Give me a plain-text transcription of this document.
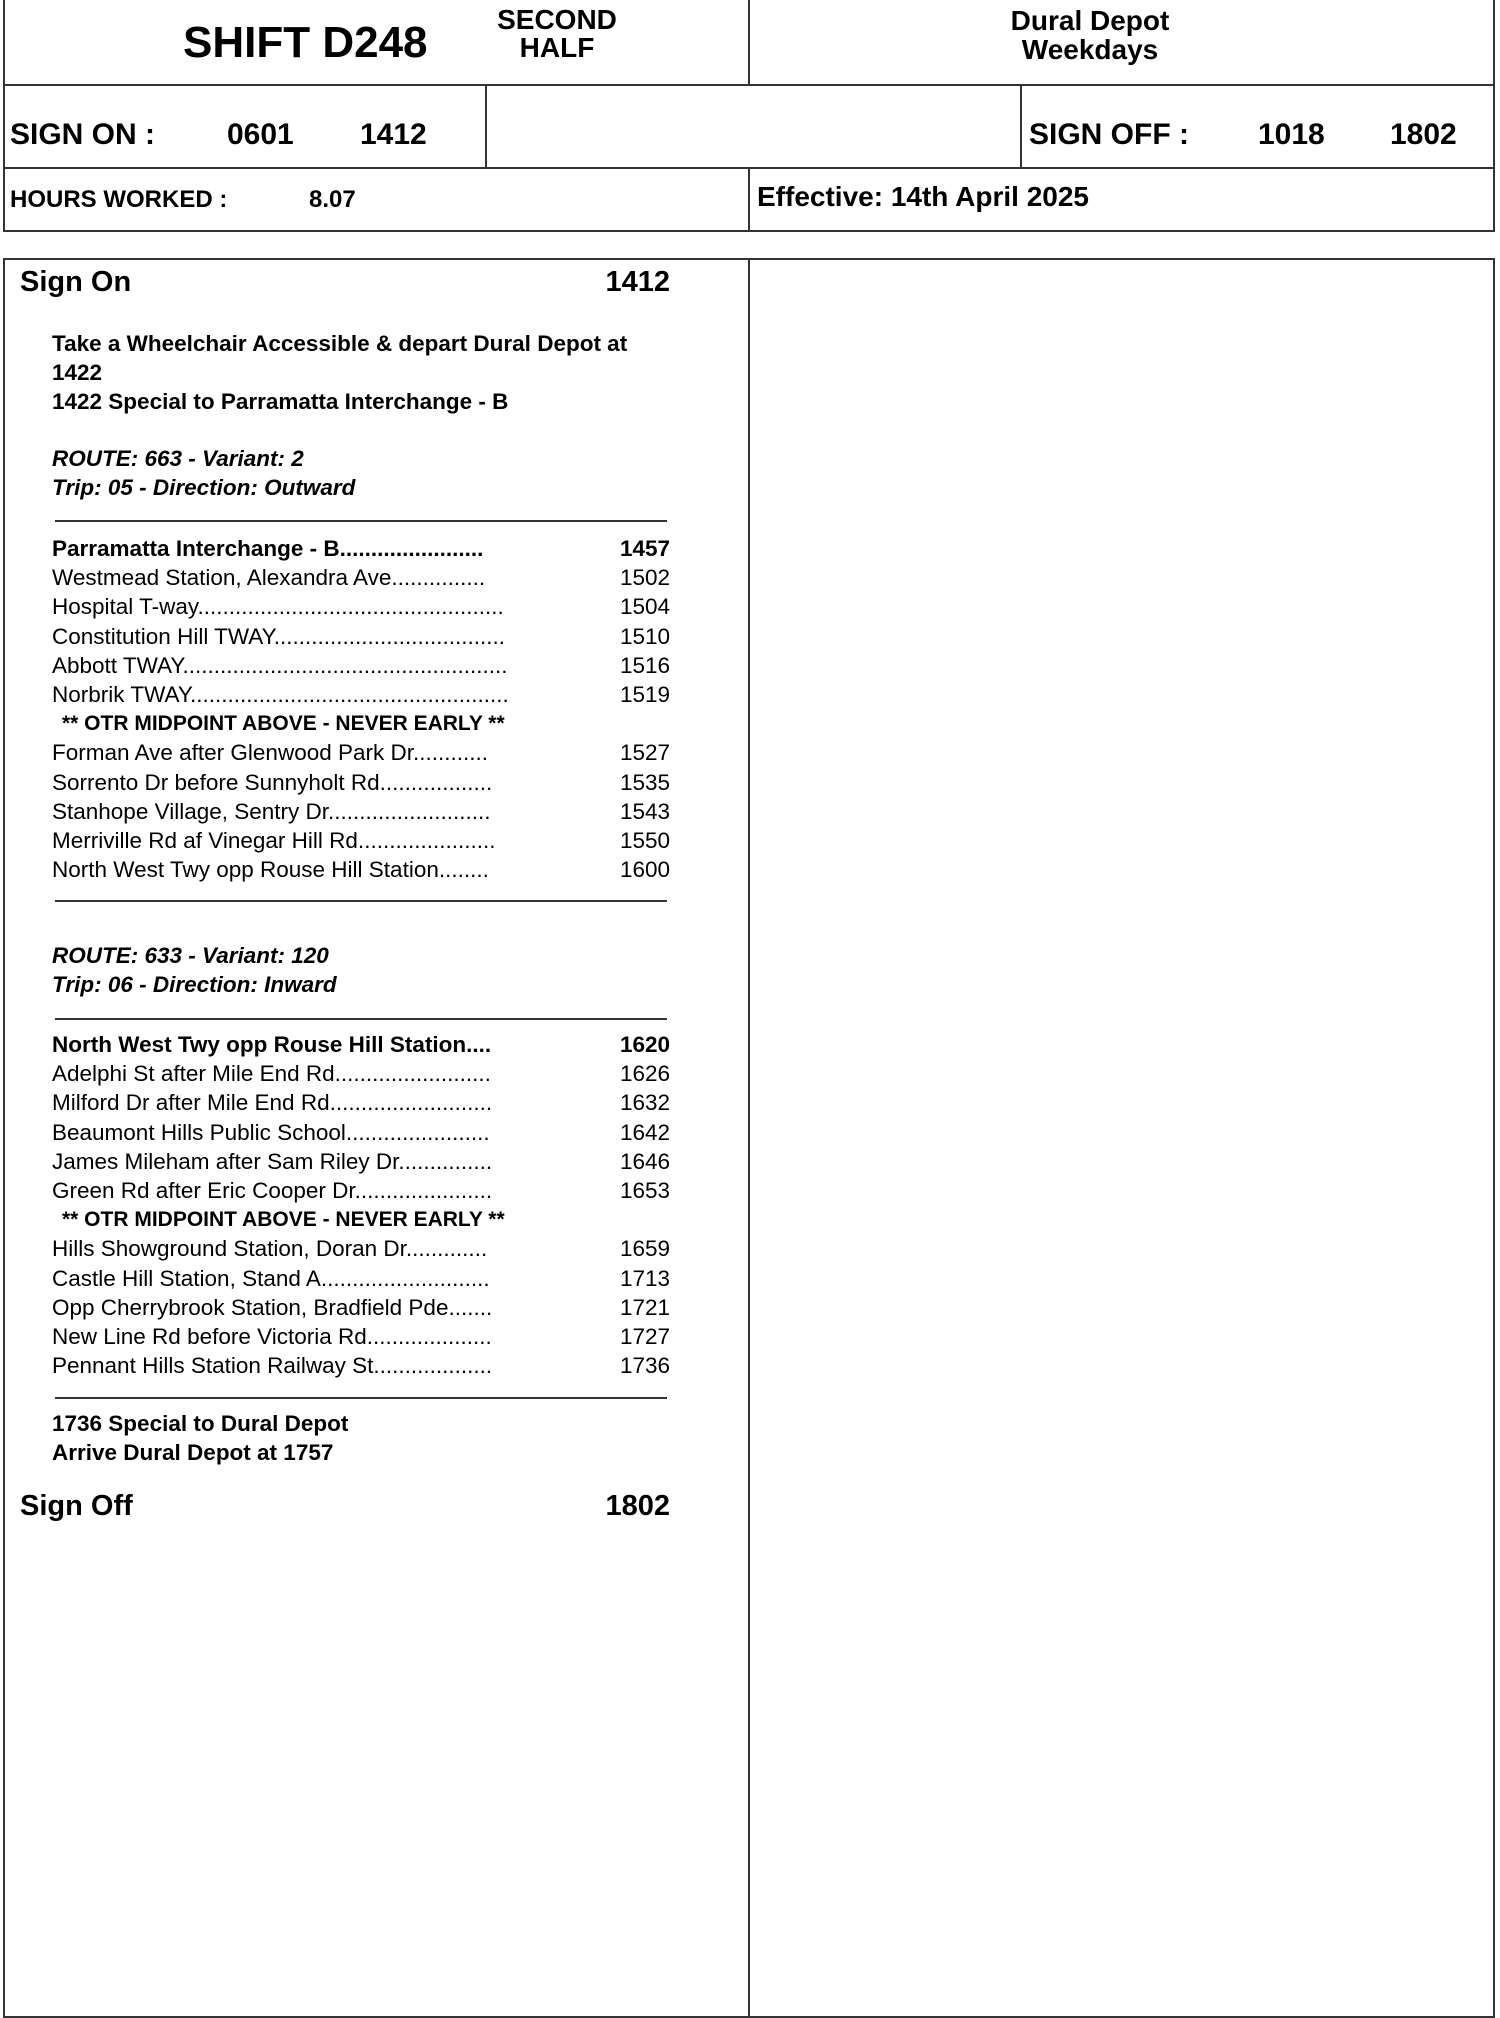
SHIFT D248	SECOND
HALF
Dural Depot
Weekdays
SIGN ON : 0601 1412	SIGN OFF : 1018 1802
HOURS WORKED :	8.07	Effective: 14th April 2025
Sign On	1412
Take a Wheelchair Accessible & depart Dural Depot at
1422
1422 Special to Parramatta Interchange - B
ROUTE: 663 - Variant: 2
Trip: 05 - Direction: Outward
Parramatta Interchange - B.......................	1457
Westmead Station, Alexandra Ave...............	1502
Hospital T-way.................................................	1504
Constitution Hill TWAY.....................................	1510
Abbott TWAY....................................................	1516
Norbrik TWAY...................................................	1519
** OTR MIDPOINT ABOVE - NEVER EARLY **
Forman Ave after Glenwood Park Dr............	1527
Sorrento Dr before Sunnyholt Rd..................	1535
Stanhope Village, Sentry Dr..........................	1543
Merriville Rd af Vinegar Hill Rd......................	1550
North West Twy opp Rouse Hill Station........	1600
ROUTE: 633 - Variant: 120
Trip: 06 - Direction: Inward
North West Twy opp Rouse Hill Station....	1620
Adelphi St after Mile End Rd.........................	1626
Milford Dr after Mile End Rd..........................	1632
Beaumont Hills Public School.......................	1642
James Mileham after Sam Riley Dr...............	1646
Green Rd after Eric Cooper Dr......................	1653
** OTR MIDPOINT ABOVE - NEVER EARLY **
Hills Showground Station, Doran Dr.............	1659
Castle Hill Station, Stand A...........................	1713
Opp Cherrybrook Station, Bradfield Pde.......	1721
New Line Rd before Victoria Rd....................	1727
Pennant Hills Station Railway St...................	1736
1736 Special to Dural Depot
Arrive Dural Depot at 1757
Sign Off	1802
